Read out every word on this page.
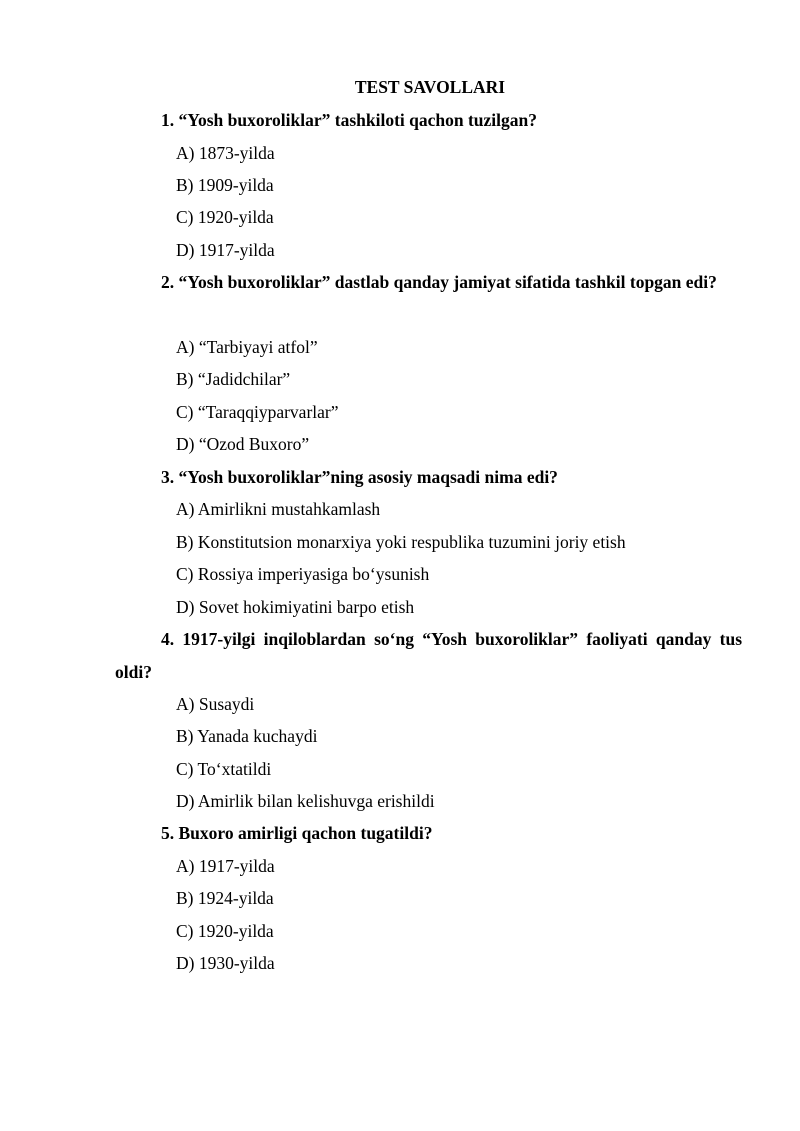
TEST SAVOLLARI
1. “Yosh buxoroliklar” tashkiloti qachon tuzilgan?
A) 1873-yilda
B) 1909-yilda
C) 1920-yilda
D) 1917-yilda
2. “Yosh buxoroliklar” dastlab qanday jamiyat sifatida tashkil topgan edi?
A) “Tarbiyayi atfol”
B) “Jadidchilar”
C) “Taraqqiyparvarlar”
D) “Ozod Buxoro”
3. “Yosh buxoroliklar”ning asosiy maqsadi nima edi?
A) Amirlikni mustahkamlash
B) Konstitutsion monarxiya yoki respublika tuzumini joriy etish
C) Rossiya imperiyasiga bo‘ysunish
D) Sovet hokimiyatini barpo etish
4. 1917-yilgi inqiloblardan so‘ng “Yosh buxoroliklar” faoliyati qanday tus oldi?
A) Susaydi
B) Yanada kuchaydi
C) To‘xtatildi
D) Amirlik bilan kelishuvga erishildi
5. Buxoro amirligi qachon tugatildi?
A) 1917-yilda
B) 1924-yilda
C) 1920-yilda
D) 1930-yilda
